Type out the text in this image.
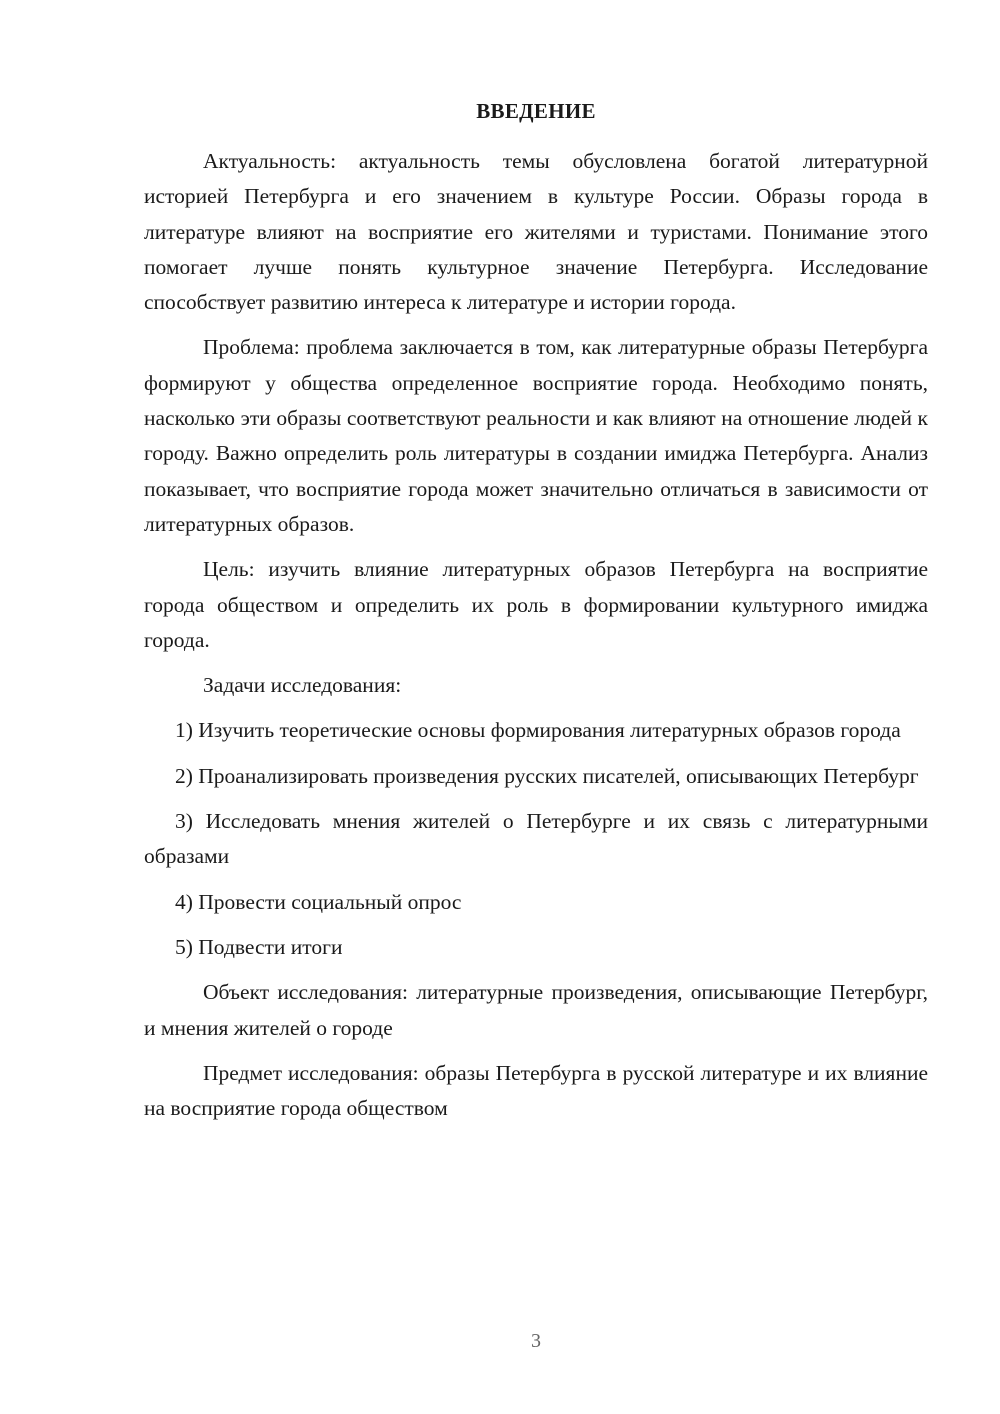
ВВЕДЕНИЕ

Актуальность: актуальность темы обусловлена богатой литературной историей Петербурга и его значением в культуре России. Образы города в литературе влияют на восприятие его жителями и туристами. Понимание этого помогает лучше понять культурное значение Петербурга. Исследование способствует развитию интереса к литературе и истории города.

Проблема: проблема заключается в том, как литературные образы Петербурга формируют у общества определенное восприятие города. Необходимо понять, насколько эти образы соответствуют реальности и как влияют на отношение людей к городу. Важно определить роль литературы в создании имиджа Петербурга. Анализ показывает, что восприятие города может значительно отличаться в зависимости от литературных образов.

Цель: изучить влияние литературных образов Петербурга на восприятие города обществом и определить их роль в формировании культурного имиджа города.

Задачи исследования:

1) Изучить теоретические основы формирования литературных образов города

2) Проанализировать произведения русских писателей, описывающих Петербург

3) Исследовать мнения жителей о Петербурге и их связь с литературными образами

4) Провести социальный опрос

5) Подвести итоги

Объект исследования: литературные произведения, описывающие Петербург, и мнения жителей о городе

Предмет исследования: образы Петербурга в русской литературе и их влияние на восприятие города обществом

3
